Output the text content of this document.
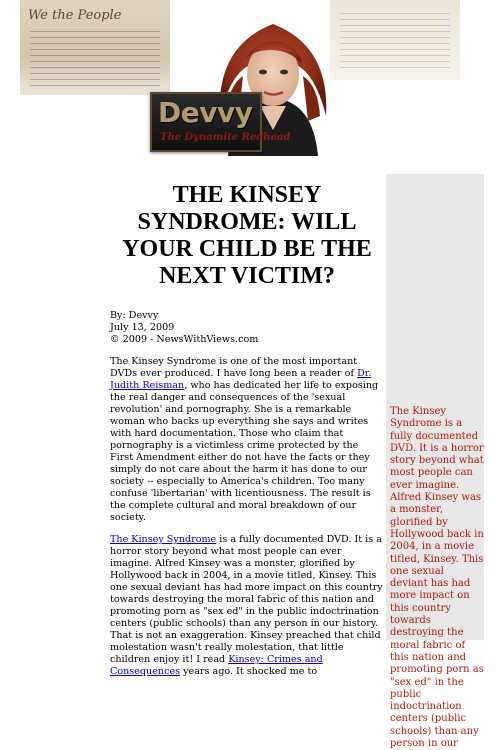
We the People
Devvy
The Dynamite Redhead
THE KINSEY SYNDROME: WILL YOUR CHILD BE THE NEXT VICTIM?
By: Devvy
July 13, 2009
© 2009 - NewsWithViews.com
The Kinsey Syndrome is one of the most important DVDs ever produced. I have long been a reader of Dr. Judith Reisman, who has dedicated her life to exposing the real danger and consequences of the 'sexual revolution' and pornography. She is a remarkable woman who backs up everything she says and writes with hard documentation. Those who claim that pornography is a victimless crime protected by the First Amendment either do not have the facts or they simply do not care about the harm it has done to our society -- especially to America's children. Too many confuse 'libertarian' with licentiousness. The result is the complete cultural and moral breakdown of our society.
The Kinsey Syndrome is a fully documented DVD. It is a horror story beyond what most people can ever imagine. Alfred Kinsey was a monster, glorified by Hollywood back in 2004, in a movie titled, Kinsey. This one sexual deviant has had more impact on this country towards destroying the moral fabric of this nation and promoting porn as "sex ed" in the public indoctrination centers (public schools) than any person in our history. That is not an exaggeration. Kinsey preached that child molestation wasn't really molestation, that little children enjoy it! I read Kinsey: Crimes and Consequences years ago. It shocked me to
The Kinsey Syndrome is a fully documented DVD. It is a horror story beyond what most people can ever imagine. Alfred Kinsey was a monster, glorified by Hollywood back in 2004, in a movie titled, Kinsey. This one sexual deviant has had more impact on this country towards destroying the moral fabric of this nation and promoting porn as "sex ed" in the public indoctrination centers (public schools) than any person in our
